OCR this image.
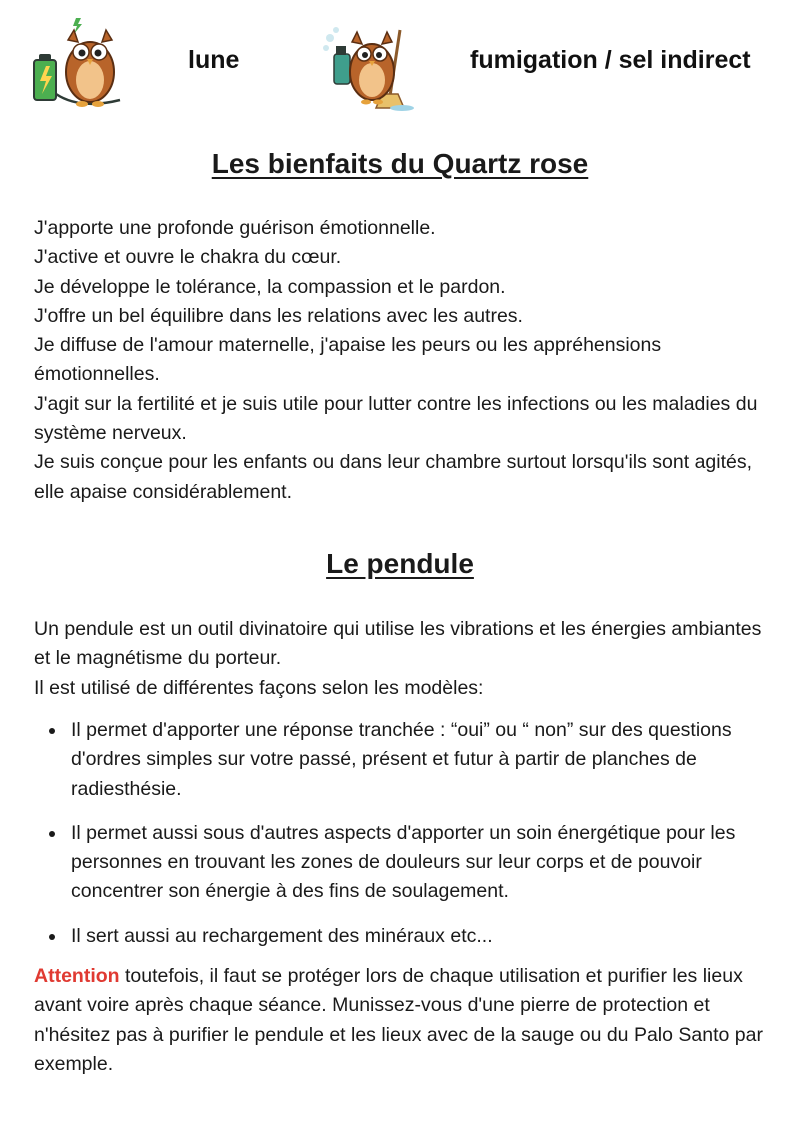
lune	fumigation / sel indirect
Les bienfaits du Quartz rose

J'apporte une profonde guérison émotionnelle.

J'active et ouvre le chakra du cœur.

Je développe le tolérance, la compassion et le pardon.

J'offre un bel équilibre dans les relations avec les autres.

Je diffuse de l'amour maternelle, j'apaise les peurs ou les appréhensions émotionnelles.

J'agit sur la fertilité et je suis utile pour lutter contre les infections ou les maladies du système nerveux.

Je suis conçue pour les enfants ou dans leur chambre surtout lorsqu'ils sont agités, elle apaise considérablement.

Le pendule

Un pendule est un outil divinatoire qui utilise les vibrations et les énergies ambiantes et le magnétisme du porteur.

Il est utilisé de différentes façons selon les modèles:

Il permet d'apporter une réponse tranchée : “oui” ou “ non” sur des questions d'ordres simples sur votre passé, présent et futur à partir de planches de radiesthésie.
Il permet aussi sous d'autres aspects d'apporter un soin énergétique pour les personnes en trouvant les zones de douleurs sur leur corps et de pouvoir concentrer son énergie à des fins de soulagement.
Il sert aussi au rechargement des minéraux etc...

Attention toutefois, il faut se protéger lors de chaque utilisation et purifier les lieux avant voire après chaque séance. Munissez-vous d'une pierre de protection et n'hésitez pas à purifier le pendule et les lieux avec de la sauge ou du Palo Santo par exemple.
